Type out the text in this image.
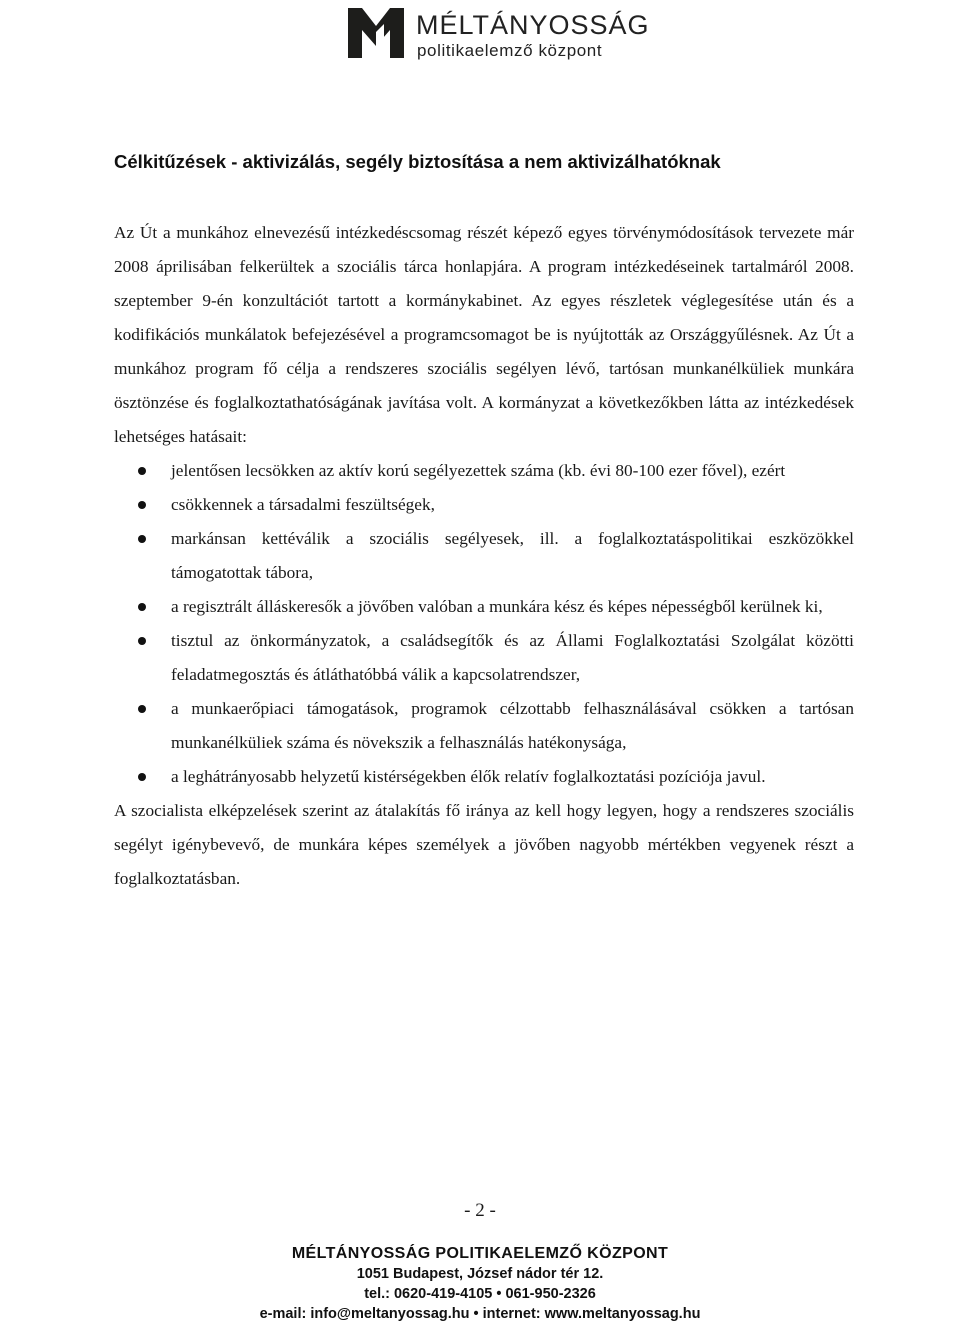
MÉLTÁNYOSSÁG
politikaelemző központ
Célkitűzések - aktivizálás, segély biztosítása a nem aktivizálhatóknak

Az Út a munkához elnevezésű intézkedéscsomag részét képező egyes törvénymódosítások tervezete már 2008 áprilisában felkerültek a szociális tárca honlapjára. A program intézkedéseinek tartalmáról 2008. szeptember 9-én konzultációt tartott a kormánykabinet. Az egyes részletek véglegesítése után és a kodifikációs munkálatok befejezésével a programcsomagot be is nyújtották az Országgyűlésnek. Az Út a munkához program fő célja a rendszeres szociális segélyen lévő, tartósan munkanélküliek munkára ösztönzése és foglalkoztathatóságának javítása volt. A kormányzat a következőkben látta az intézkedések lehetséges hatásait:

jelentősen lecsökken az aktív korú segélyezettek száma (kb. évi 80-100 ezer fővel), ezért
csökkennek a társadalmi feszültségek,
markánsan kettéválik a szociális segélyesek, ill. a foglalkoztatáspolitikai eszközökkel támogatottak tábora,
a regisztrált álláskeresők a jövőben valóban a munkára kész és képes népességből kerülnek ki,
tisztul az önkormányzatok, a családsegítők és az Állami Foglalkoztatási Szolgálat közötti feladatmegosztás és átláthatóbbá válik a kapcsolatrendszer,
a munkaerőpiaci támogatások, programok célzottabb felhasználásával csökken a tartósan munkanélküliek száma és növekszik a felhasználás hatékonysága,
a leghátrányosabb helyzetű kistérségekben élők relatív foglalkoztatási pozíciója javul.

A szocialista elképzelések szerint az átalakítás fő iránya az kell hogy legyen, hogy a rendszeres szociális segélyt igénybevevő, de munkára képes személyek a jövőben nagyobb mértékben vegyenek részt a foglalkoztatásban.

- 2 -
MÉLTÁNYOSSÁG POLITIKAELEMZŐ KÖZPONT
1051 Budapest, József nádor tér 12.
tel.: 0620-419-4105 • 061-950-2326
e-mail: info@meltanyossag.hu • internet: www.meltanyossag.hu
